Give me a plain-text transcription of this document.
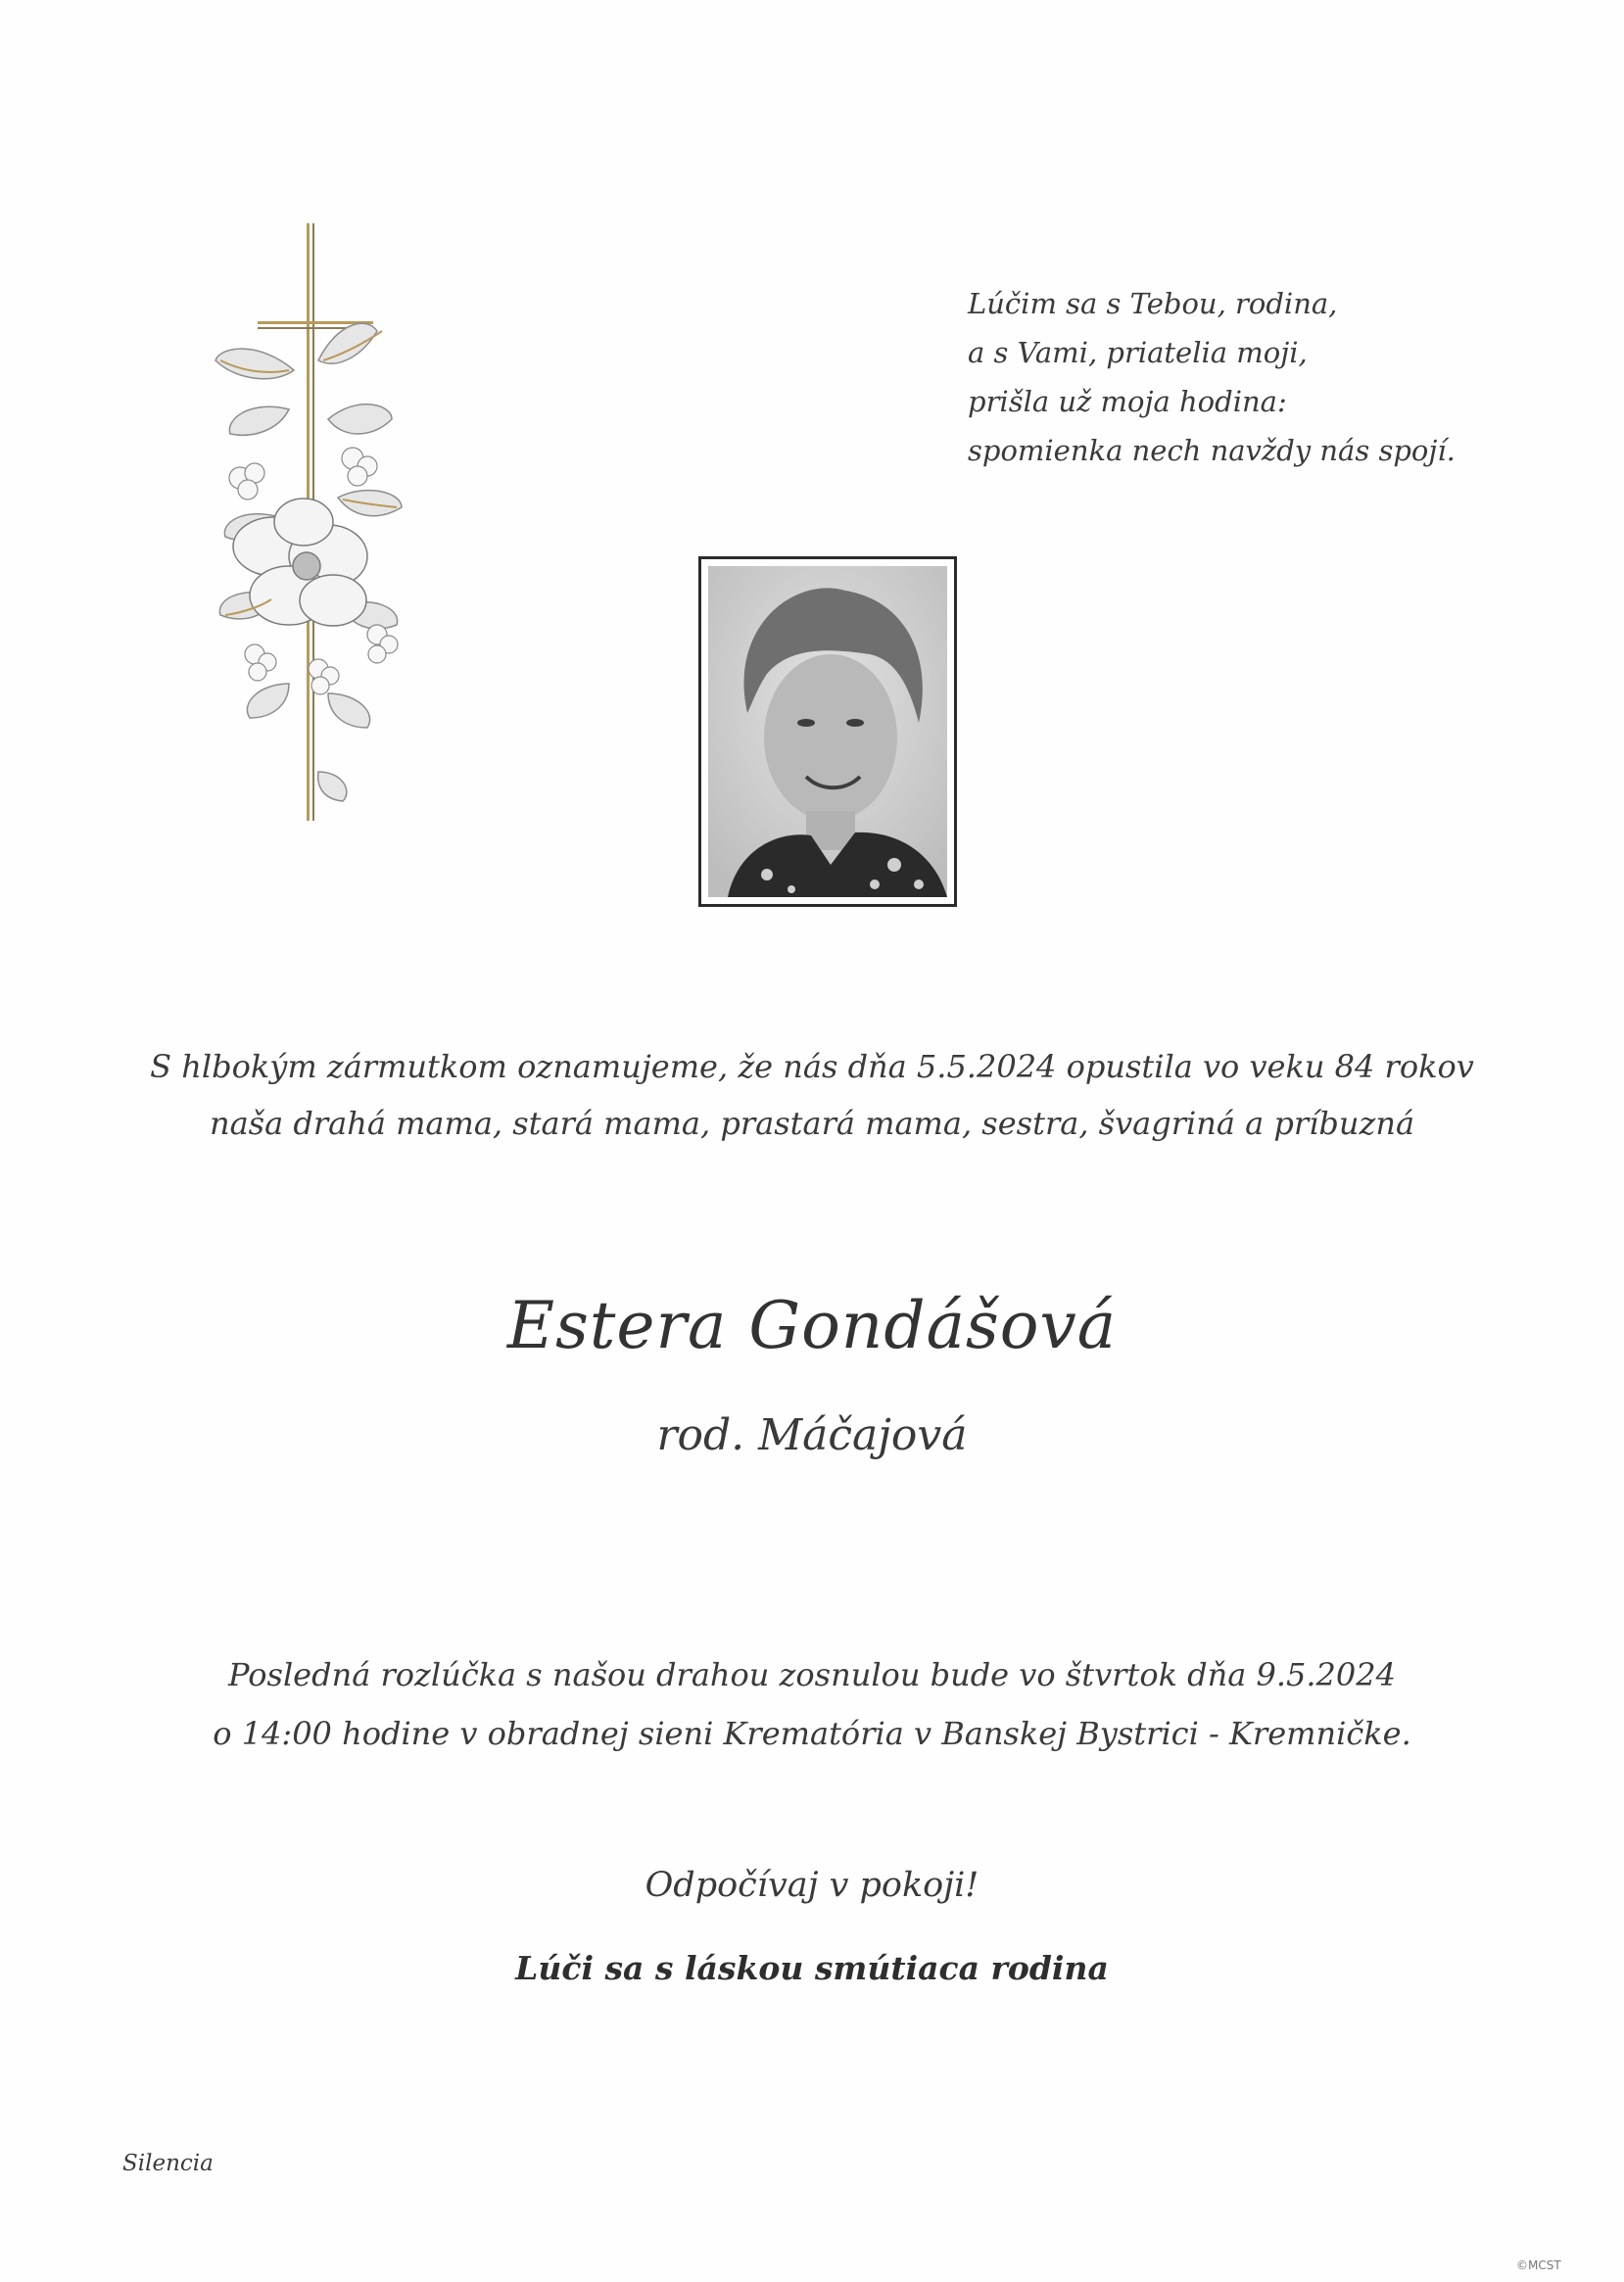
Lúčim sa s Tebou, rodina,
a s Vami, priatelia moji,
prišla už moja hodina:
spomienka nech navždy nás spojí.
S hlbokým zármutkom oznamujeme, že nás dňa 5.5.2024 opustila vo veku 84 rokov
naša drahá mama, stará mama, prastará mama, sestra, švagriná a príbuzná
Estera Gondášová
rod. Máčajová
Posledná rozlúčka s našou drahou zosnulou bude vo štvrtok dňa 9.5.2024
o 14:00 hodine v obradnej sieni Krematória v Banskej Bystrici - Kremničke.
Odpočívaj v pokoji!
Lúči sa s láskou smútiaca rodina
Silencia
©MCST
